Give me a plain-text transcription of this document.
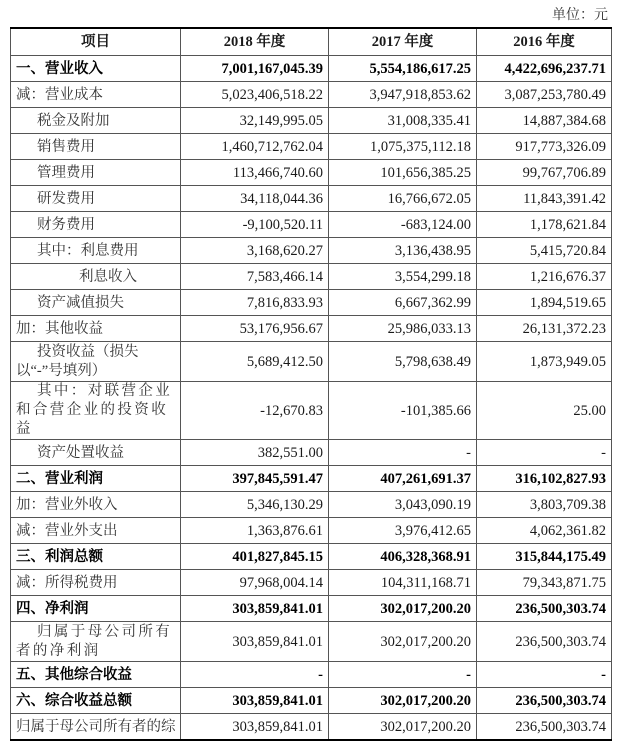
单位：元
项目	2018 年度	2017 年度	2016 年度
一、营业收入	7,001,167,045.39	5,554,186,617.25	4,422,696,237.71
减：营业成本	5,023,406,518.22	3,947,918,853.62	3,087,253,780.49
税金及附加	32,149,995.05	31,008,335.41	14,887,384.68
销售费用	1,460,712,762.04	1,075,375,112.18	917,773,326.09
管理费用	113,466,740.60	101,656,385.25	99,767,706.89
研发费用	34,118,044.36	16,766,672.05	11,843,391.42
财务费用	-9,100,520.11	-683,124.00	1,178,621.84
其中：利息费用	3,168,620.27	3,136,438.95	5,415,720.84
利息收入	7,583,466.14	3,554,299.18	1,216,676.37
资产减值损失	7,816,833.93	6,667,362.99	1,894,519.65
加：其他收益	53,176,956.67	25,986,033.13	26,131,372.23
投资收益（损失以“-”号填列）	5,689,412.50	5,798,638.49	1,873,949.05
其中：对联营企业和合营企业的投资收益	-12,670.83	-101,385.66	25.00
资产处置收益	382,551.00	-	-
二、营业利润	397,845,591.47	407,261,691.37	316,102,827.93
加：营业外收入	5,346,130.29	3,043,090.19	3,803,709.38
减：营业外支出	1,363,876.61	3,976,412.65	4,062,361.82
三、利润总额	401,827,845.15	406,328,368.91	315,844,175.49
减：所得税费用	97,968,004.14	104,311,168.71	79,343,871.75
四、净利润	303,859,841.01	302,017,200.20	236,500,303.74
归属于母公司所有者的净利润	303,859,841.01	302,017,200.20	236,500,303.74
五、其他综合收益	-	-	-
六、综合收益总额	303,859,841.01	302,017,200.20	236,500,303.74
归属于母公司所有者的综	303,859,841.01	302,017,200.20	236,500,303.74
